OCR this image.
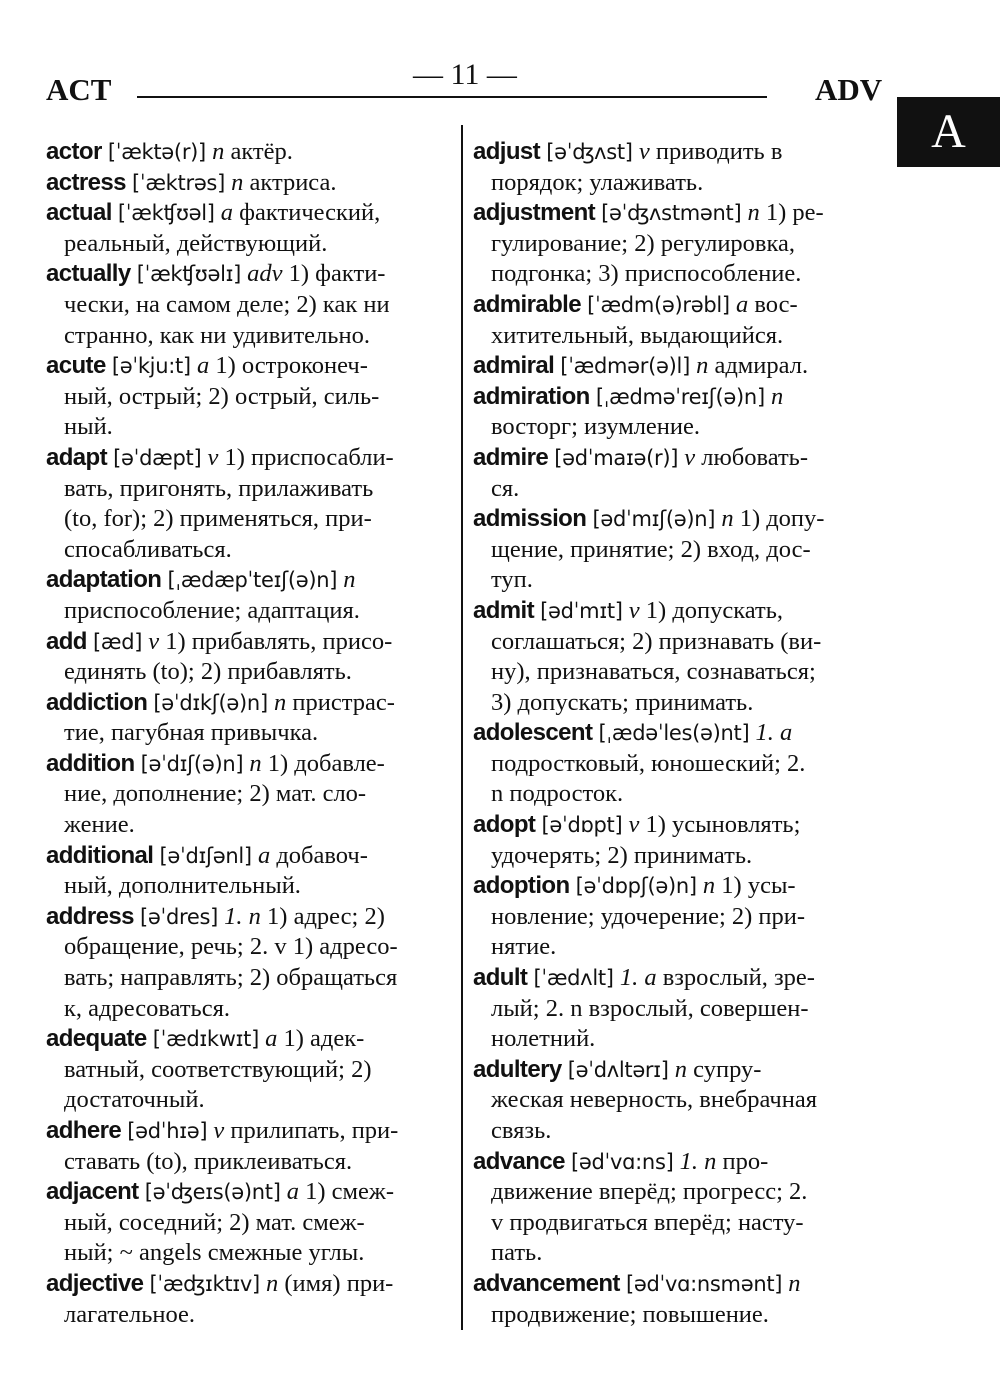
— 11 —
ACT	ADV
A
actor [ˈæktə(r)] n актёр.
actress [ˈæktrəs] n актриса.
actual [ˈækʧʊəl] a фактический,
реальный, действующий.
actually [ˈækʧʊəlɪ] adv 1) факти-
чески, на самом деле; 2) как ни
странно, как ни удивительно.
acute [əˈkju:t] a 1) остроконеч-
ный, острый; 2) острый, силь-
ный.
adapt [əˈdæpt] v 1) приспосабли-
вать, пригонять, прилаживать
(to, for); 2) применяться, при-
спосабливаться.
adaptation [ˌædæpˈteɪʃ(ə)n] n
приспособление; адаптация.
add [æd] v 1) прибавлять, присо-
единять (to); 2) прибавлять.
addiction [əˈdɪkʃ(ə)n] n пристрас-
тие, пагубная привычка.
addition [əˈdɪʃ(ə)n] n 1) добавле-
ние, дополнение; 2) мат. сло-
жение.
additional [əˈdɪʃənl] a добавоч-
ный, дополнительный.
address [əˈdres] 1. n 1) адрес; 2)
обращение, речь; 2. v 1) адресо-
вать; направлять; 2) обращаться
к, адресоваться.
adequate [ˈædɪkwɪt] a 1) адек-
ватный, соответствующий; 2)
достаточный.
adhere [ədˈhɪə] v прилипать, при-
ставать (to), приклеиваться.
adjacent [əˈʤeɪs(ə)nt] a 1) смеж-
ный, соседний; 2) мат. смеж-
ный; ~ angels смежные углы.
adjective [ˈæʤɪktɪv] n (имя) при-
лагательное.
adjust [əˈʤʌst] v приводить в
порядок; улаживать.
adjustment [əˈʤʌstmənt] n 1) ре-
гулирование; 2) регулировка,
подгонка; 3) приспособление.
admirable [ˈædm(ə)rəbl] a вос-
хитительный, выдающийся.
admiral [ˈædmər(ə)l] n адмирал.
admiration [ˌædməˈreɪʃ(ə)n] n
восторг; изумление.
admire [ədˈmaɪə(r)] v любовать-
ся.
admission [ədˈmɪʃ(ə)n] n 1) допу-
щение, принятие; 2) вход, дос-
туп.
admit [ədˈmɪt] v 1) допускать,
соглашаться; 2) признавать (ви-
ну), признаваться, сознаваться;
3) допускать; принимать.
adolescent [ˌædəˈles(ə)nt] 1. a
подростковый, юношеский; 2.
n подросток.
adopt [əˈdɒpt] v 1) усыновлять;
удочерять; 2) принимать.
adoption [əˈdɒpʃ(ə)n] n 1) усы-
новление; удочерение; 2) при-
нятие.
adult [ˈædʌlt] 1. a взрослый, зре-
лый; 2. n взрослый, совершен-
нолетний.
adultery [əˈdʌltərɪ] n супру-
жеская неверность, внебрачная
связь.
advance [ədˈvɑ:ns] 1. n про-
движение вперёд; прогресс; 2.
v продвигаться вперёд; насту-
пать.
advancement [ədˈvɑ:nsmənt] n
продвижение; повышение.
